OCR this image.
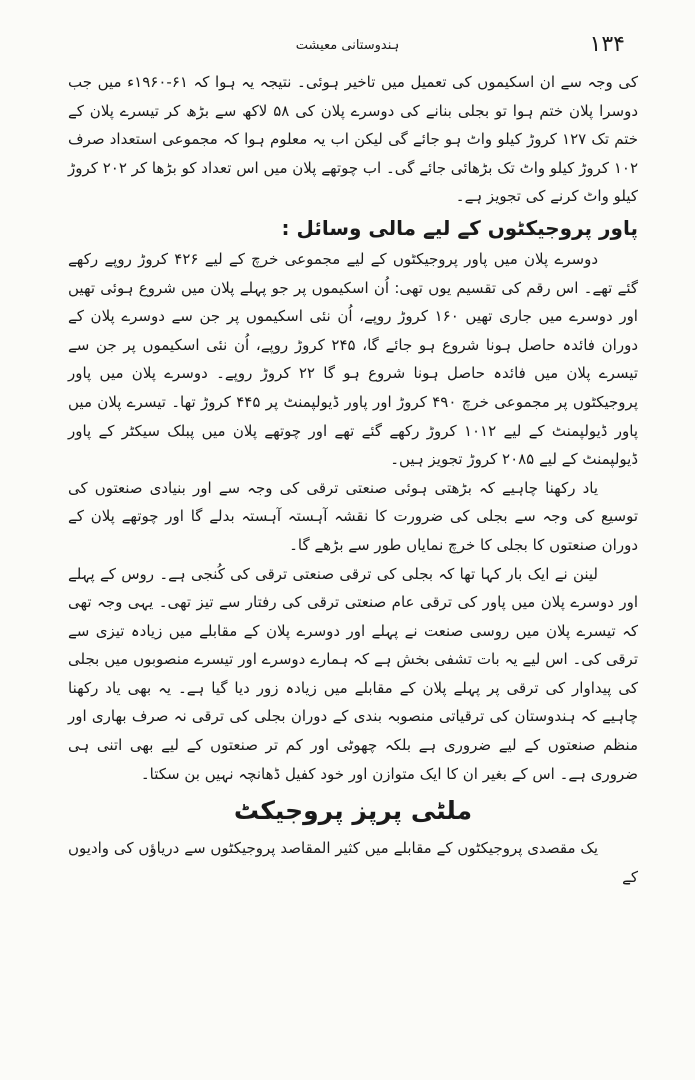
ہندوستانی معیشت	۱۳۴

کی وجہ سے ان اسکیموں کی تعمیل میں تاخیر ہوئی۔ نتیجہ یہ ہوا کہ ۶۱-۱۹۶۰ء میں جب دوسرا پلان ختم ہوا تو بجلی بنانے کی دوسرے پلان کی ۵۸ لاکھ سے بڑھ کر تیسرے پلان کے ختم تک ۱۲۷ کروڑ کیلو واٹ ہو جائے گی لیکن اب یہ معلوم ہوا کہ مجموعی استعداد صرف ۱۰۲ کروڑ کیلو واٹ تک بڑھائی جائے گی۔ اب چوتھے پلان میں اس تعداد کو بڑھا کر ۲۰۲ کروڑ کیلو واٹ کرنے کی تجویز ہے۔

پاور پروجیکٹوں کے لیے مالی وسائل :

دوسرے پلان میں پاور پروجیکٹوں کے لیے مجموعی خرچ کے لیے ۴۲۶ کروڑ روپے رکھے گئے تھے۔ اس رقم کی تقسیم یوں تھی: اُن اسکیموں پر جو پہلے پلان میں شروع ہوئی تھیں اور دوسرے میں جاری تھیں ۱۶۰ کروڑ روپے، اُن نئی اسکیموں پر جن سے دوسرے پلان کے دوران فائدہ حاصل ہونا شروع ہو جائے گا، ۲۴۵ کروڑ روپے، اُن نئی اسکیموں پر جن سے تیسرے پلان میں فائدہ حاصل ہونا شروع ہو گا ۲۲ کروڑ روپے۔ دوسرے پلان میں پاور پروجیکٹوں پر مجموعی خرچ ۴۹۰ کروڑ اور پاور ڈیولپمنٹ پر ۴۴۵ کروڑ تھا۔ تیسرے پلان میں پاور ڈیولپمنٹ کے لیے ۱۰۱۲ کروڑ رکھے گئے تھے اور چوتھے پلان میں پبلک سیکٹر کے پاور ڈیولپمنٹ کے لیے ۲۰۸۵ کروڑ تجویز ہیں۔

یاد رکھنا چاہیے کہ بڑھتی ہوئی صنعتی ترقی کی وجہ سے اور بنیادی صنعتوں کی توسیع کی وجہ سے بجلی کی ضرورت کا نقشہ آہستہ آہستہ بدلے گا اور چوتھے پلان کے دوران صنعتوں کا بجلی کا خرچ نمایاں طور سے بڑھے گا۔

لینن نے ایک بار کہا تھا کہ بجلی کی ترقی صنعتی ترقی کی کُنجی ہے۔ روس کے پہلے اور دوسرے پلان میں پاور کی ترقی عام صنعتی ترقی کی رفتار سے تیز تھی۔ یہی وجہ تھی کہ تیسرے پلان میں روسی صنعت نے پہلے اور دوسرے پلان کے مقابلے میں زیادہ تیزی سے ترقی کی۔ اس لیے یہ بات تشفی بخش ہے کہ ہمارے دوسرے اور تیسرے منصوبوں میں بجلی کی پیداوار کی ترقی پر پہلے پلان کے مقابلے میں زیادہ زور دیا گیا ہے۔ یہ بھی یاد رکھنا چاہیے کہ ہندوستان کی ترقیاتی منصوبہ بندی کے دوران بجلی کی ترقی نہ صرف بھاری اور منظم صنعتوں کے لیے ضروری ہے بلکہ چھوٹی اور کم تر صنعتوں کے لیے بھی اتنی ہی ضروری ہے۔ اس کے بغیر ان کا ایک متوازن اور خود کفیل ڈھانچہ نہیں بن سکتا۔

ملٹی پرپز پروجیکٹ

یک مقصدی پروجیکٹوں کے مقابلے میں کثیر المقاصد پروجیکٹوں سے دریاؤں کی وادیوں کے
